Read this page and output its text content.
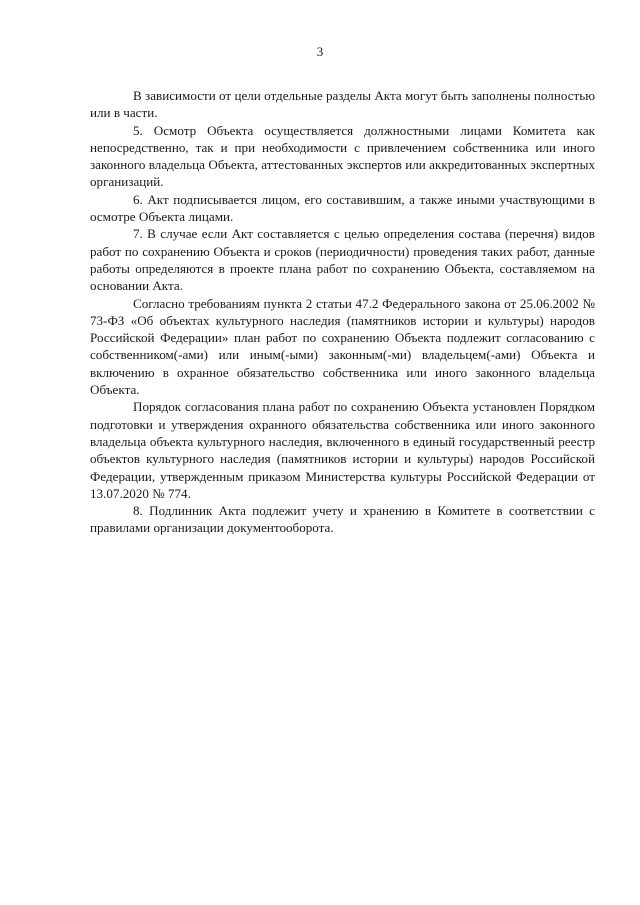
3

В зависимости от цели отдельные разделы Акта могут быть заполнены полностью или в части.

5. Осмотр Объекта осуществляется должностными лицами Комитета как непосредственно, так и при необходимости с привлечением собственника или иного законного владельца Объекта, аттестованных экспертов или аккредитованных экспертных организаций.

6. Акт подписывается лицом, его составившим, а также иными участвующими в осмотре Объекта лицами.

7. В случае если Акт составляется с целью определения состава (перечня) видов работ по сохранению Объекта и сроков (периодичности) проведения таких работ, данные работы определяются в проекте плана работ по сохранению Объекта, составляемом на основании Акта.

Согласно требованиям пункта 2 статьи 47.2 Федерального закона от 25.06.2002 № 73-ФЗ «Об объектах культурного наследия (памятников истории и культуры) народов Российской Федерации» план работ по сохранению Объекта подлежит согласованию с собственником(-ами) или иным(-ыми) законным(-ми) владельцем(-ами) Объекта и включению в охранное обязательство собственника или иного законного владельца Объекта.

Порядок согласования плана работ по сохранению Объекта установлен Порядком подготовки и утверждения охранного обязательства собственника или иного законного владельца объекта культурного наследия, включенного в единый государственный реестр объектов культурного наследия (памятников истории и культуры) народов Российской Федерации, утвержденным приказом Министерства культуры Российской Федерации от 13.07.2020 № 774.

8. Подлинник Акта подлежит учету и хранению в Комитете в соответствии с правилами организации документооборота.
